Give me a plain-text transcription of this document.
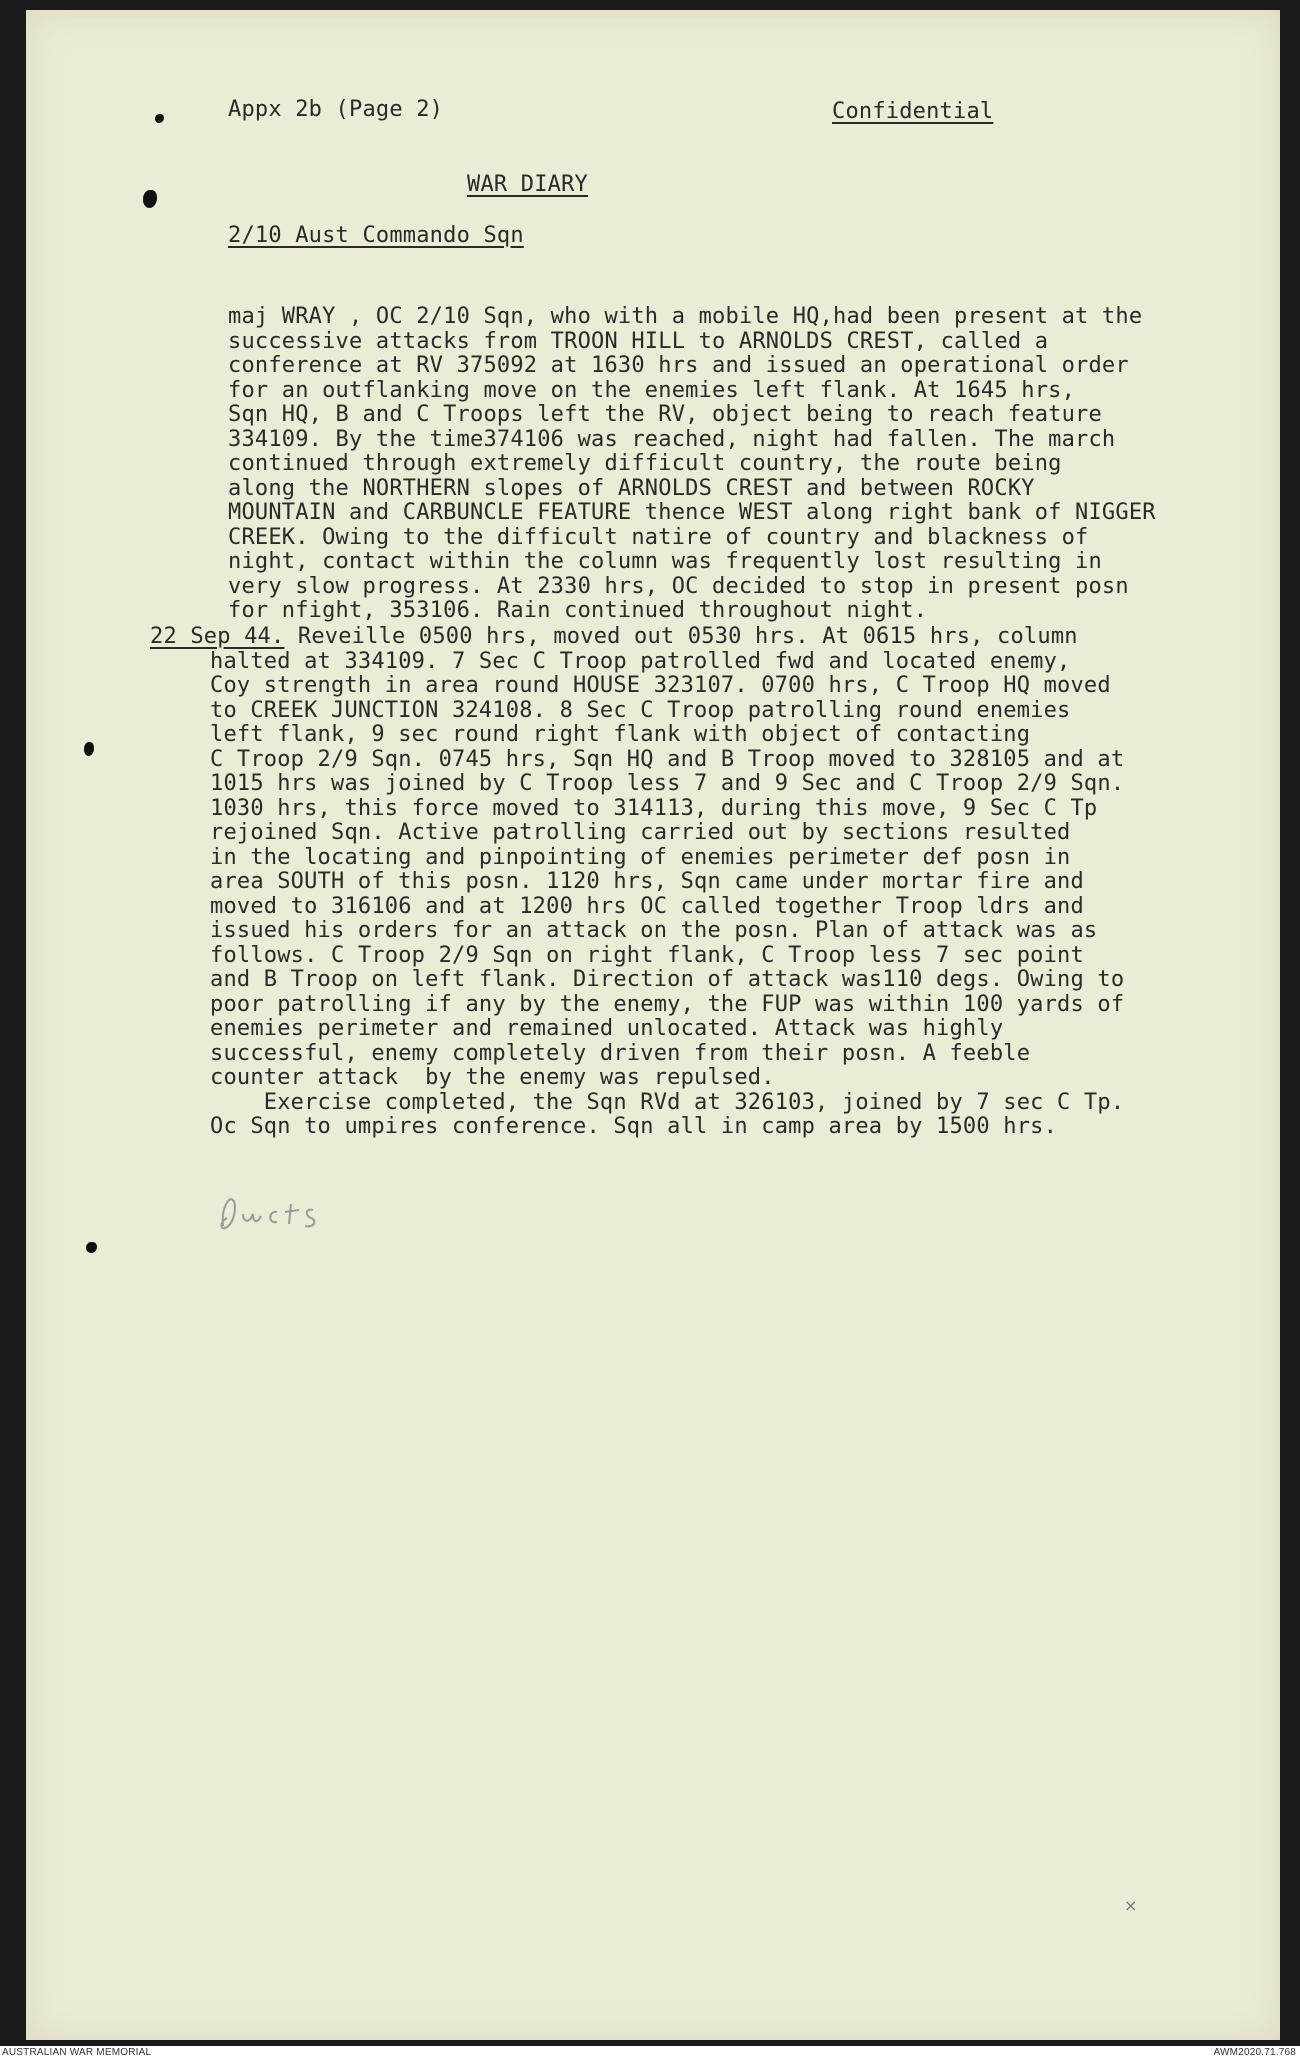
Appx 2b (Page 2)	Confidential
WAR DIARY
2/10 Aust Commando Sqn
maj WRAY , OC 2/10 Sqn, who with a mobile HQ,had been present at the
successive attacks from TROON HILL to ARNOLDS CREST, called a
conference at RV 375092 at 1630 hrs and issued an operational order
for an outflanking move on the enemies left flank. At 1645 hrs,
Sqn HQ, B and C Troops left the RV, object being to reach feature
334109. By the time374106 was reached, night had fallen. The march
continued through extremely difficult country, the route being
along the NORTHERN slopes of ARNOLDS CREST and between ROCKY
MOUNTAIN and CARBUNCLE FEATURE thence WEST along right bank of NIGGER
CREEK. Owing to the difficult natire of country and blackness of
night, contact within the column was frequently lost resulting in
very slow progress. At 2330 hrs, OC decided to stop in present posn
for nfight, 353106. Rain continued throughout night.
22 Sep 44. Reveille 0500 hrs, moved out 0530 hrs. At 0615 hrs, column
halted at 334109. 7 Sec C Troop patrolled fwd and located enemy,
Coy strength in area round HOUSE 323107. 0700 hrs, C Troop HQ moved
to CREEK JUNCTION 324108. 8 Sec C Troop patrolling round enemies
left flank, 9 sec round right flank with object of contacting
C Troop 2/9 Sqn. 0745 hrs, Sqn HQ and B Troop moved to 328105 and at
1015 hrs was joined by C Troop less 7 and 9 Sec and C Troop 2/9 Sqn.
1030 hrs, this force moved to 314113, during this move, 9 Sec C Tp
rejoined Sqn. Active patrolling carried out by sections resulted
in the locating and pinpointing of enemies perimeter def posn in
area SOUTH of this posn. 1120 hrs, Sqn came under mortar fire and
moved to 316106 and at 1200 hrs OC called together Troop ldrs and
issued his orders for an attack on the posn. Plan of attack was as
follows. C Troop 2/9 Sqn on right flank, C Troop less 7 sec point
and B Troop on left flank. Direction of attack was110 degs. Owing to
poor patrolling if any by the enemy, the FUP was within 100 yards of
enemies perimeter and remained unlocated. Attack was highly
successful, enemy completely driven from their posn. A feeble
counter attack  by the enemy was repulsed.
Exercise completed, the Sqn RVd at 326103, joined by 7 sec C Tp.
Oc Sqn to umpires conference. Sqn all in camp area by 1500 hrs.
×
AUSTRALIAN WAR MEMORIAL	AWM2020.71.768
